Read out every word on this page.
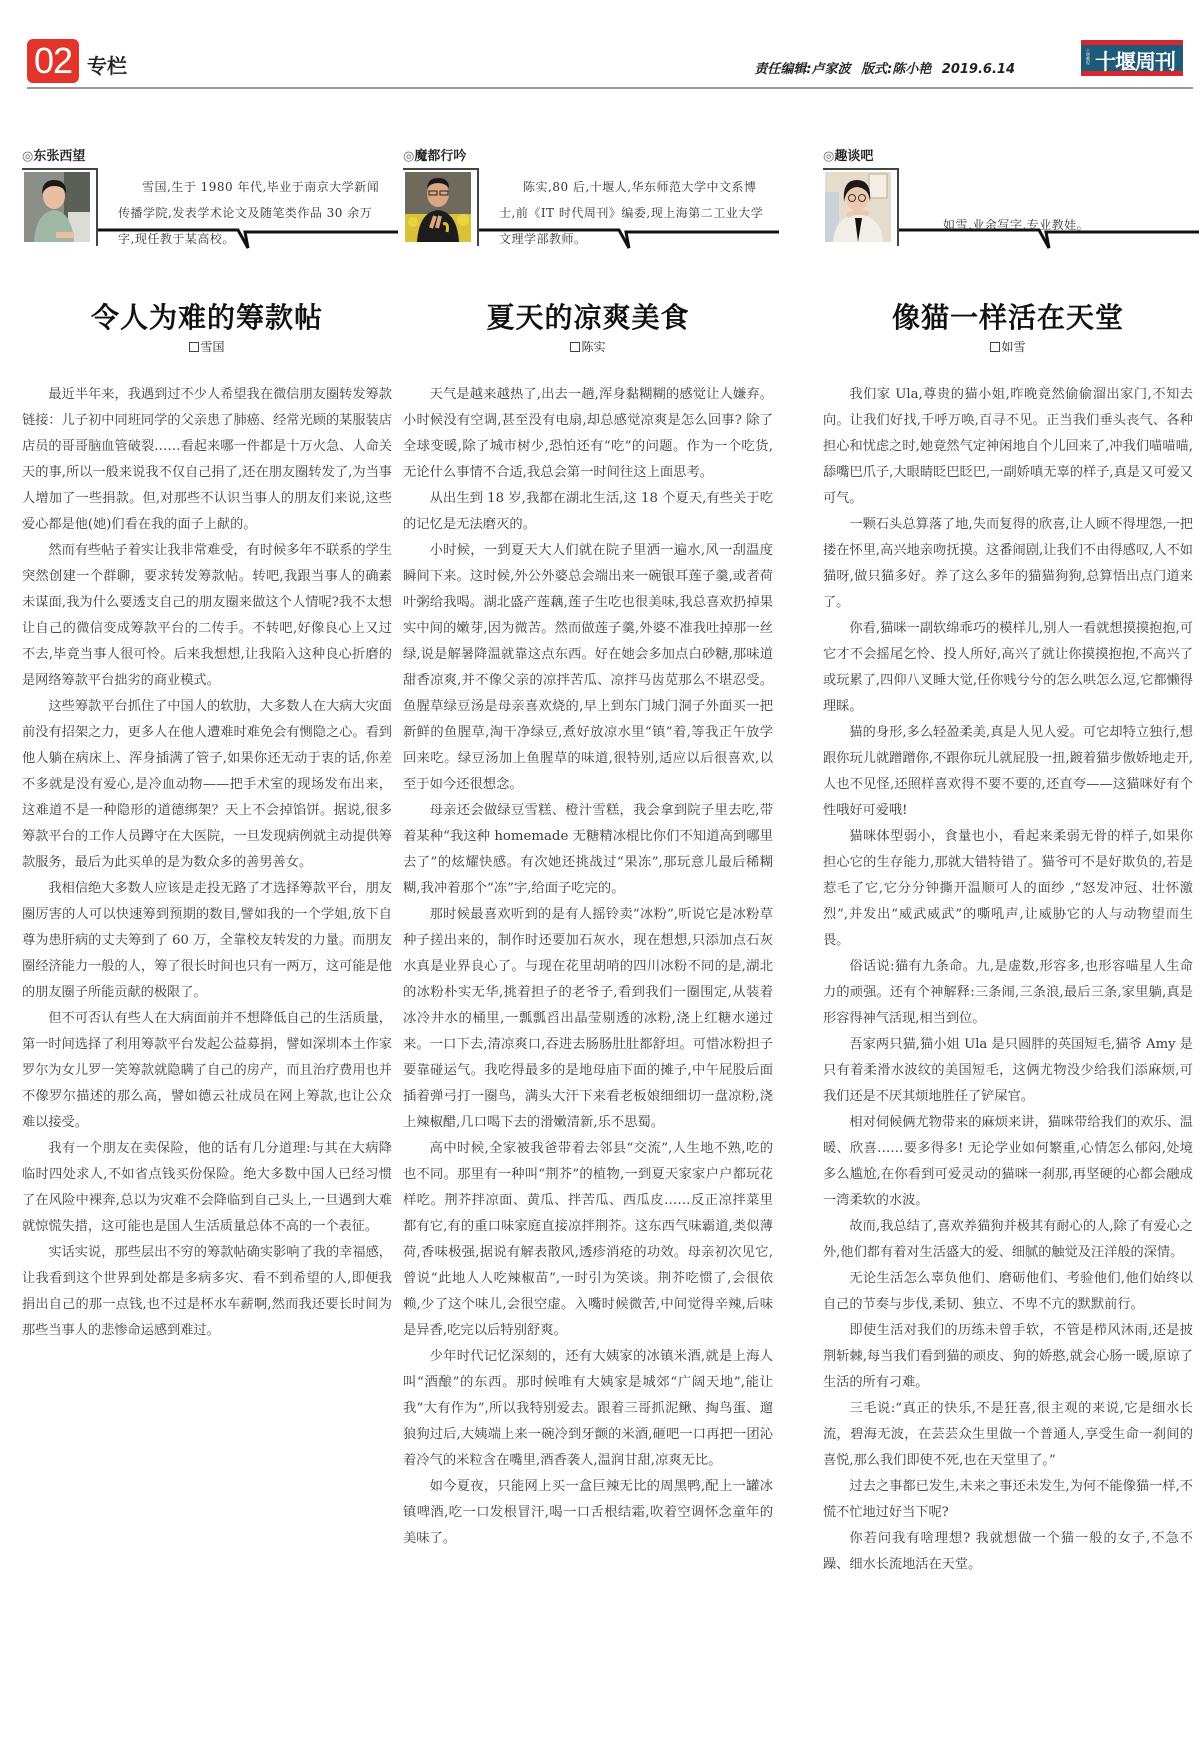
02 专栏	责任编辑:卢家波 版式:陈小艳 2019.6.14
十堰晚报 十堰周刊
◎东张西望
雪国,生于 1980 年代,毕业于南京大学新闻传播学院,发表学术论文及随笔类作品 30 余万字,现任教于某高校。
令人为难的筹款帖
雪国

最近半年来，我遇到过不少人希望我在微信朋友圈转发筹款链接：儿子初中同班同学的父亲患了肺癌、经常光顾的某服装店店员的哥哥脑血管破裂……看起来哪一件都是十万火急、人命关天的事,所以一般来说我不仅自己捐了,还在朋友圈转发了,为当事人增加了一些捐款。但,对那些不认识当事人的朋友们来说,这些爱心都是他(她)们看在我的面子上献的。

然而有些帖子着实让我非常难受，有时候多年不联系的学生突然创建一个群聊，要求转发筹款帖。转吧,我跟当事人的确素未谋面,我为什么要透支自己的朋友圈来做这个人情呢?我不太想让自己的微信变成筹款平台的二传手。不转吧,好像良心上又过不去,毕竟当事人很可怜。后来我想想,让我陷入这种良心折磨的是网络筹款平台拙劣的商业模式。

这些筹款平台抓住了中国人的软肋，大多数人在大病大灾面前没有招架之力，更多人在他人遭难时难免会有恻隐之心。看到他人躺在病床上、浑身插满了管子,如果你还无动于衷的话,你差不多就是没有爱心,是冷血动物——把手术室的现场发布出来，这难道不是一种隐形的道德绑架？天上不会掉馅饼。据说,很多筹款平台的工作人员蹲守在大医院，一旦发现病例就主动提供筹款服务，最后为此买单的是为数众多的善男善女。

我相信绝大多数人应该是走投无路了才选择筹款平台，朋友圈厉害的人可以快速筹到预期的数目,譬如我的一个学姐,放下自尊为患肝病的丈夫筹到了 60 万，全靠校友转发的力量。而朋友圈经济能力一般的人，筹了很长时间也只有一两万，这可能是他的朋友圈子所能贡献的极限了。

但不可否认有些人在大病面前并不想降低自己的生活质量，第一时间选择了利用筹款平台发起公益募捐，譬如深圳本土作家罗尔为女儿罗一笑筹款就隐瞒了自己的房产，而且治疗费用也并不像罗尔描述的那么高，譬如德云社成员在网上筹款,也让公众难以接受。

我有一个朋友在卖保险，他的话有几分道理:与其在大病降临时四处求人,不如省点钱买份保险。绝大多数中国人已经习惯了在风险中裸奔,总以为灾难不会降临到自己头上,一旦遇到大难就惊慌失措，这可能也是国人生活质量总体不高的一个表征。

实话实说，那些层出不穷的筹款帖确实影响了我的幸福感，让我看到这个世界到处都是多病多灾、看不到希望的人,即便我捐出自己的那一点钱,也不过是杯水车薪啊,然而我还要长时间为那些当事人的悲惨命运感到难过。

◎魔都行吟
陈实,80 后,十堰人,华东师范大学中文系博士,前《IT 时代周刊》编委,现上海第二工业大学文理学部教师。
夏天的凉爽美食
陈实

天气是越来越热了,出去一趟,浑身黏糊糊的感觉让人嫌弃。小时候没有空调,甚至没有电扇,却总感觉凉爽是怎么回事? 除了全球变暖,除了城市树少,恐怕还有“吃”的问题。作为一个吃货,无论什么事情不合适,我总会第一时间往这上面思考。

从出生到 18 岁,我都在湖北生活,这 18 个夏天,有些关于吃的记忆是无法磨灭的。

小时候，一到夏天大人们就在院子里洒一遍水,风一刮温度瞬间下来。这时候,外公外婆总会端出来一碗银耳莲子羹,或者荷叶粥给我喝。湖北盛产莲藕,莲子生吃也很美味,我总喜欢扔掉果实中间的嫩芽,因为微苦。然而做莲子羹,外婆不准我吐掉那一丝绿,说是解暑降温就靠这点东西。好在她会多加点白砂糖,那味道甜香凉爽,并不像父亲的凉拌苦瓜、凉拌马齿苋那么不堪忍受。鱼腥草绿豆汤是母亲喜欢烧的,早上到东门城门洞子外面买一把新鲜的鱼腥草,淘干净绿豆,煮好放凉水里“镇”着,等我正午放学回来吃。绿豆汤加上鱼腥草的味道,很特别,适应以后很喜欢,以至于如今还很想念。

母亲还会做绿豆雪糕、橙汁雪糕，我会拿到院子里去吃,带着某种“我这种 homemade 无糖精冰棍比你们不知道高到哪里去了”的炫耀快感。有次她还挑战过“果冻”,那玩意儿最后稀糊糊,我冲着那个“冻”字,给面子吃完的。

那时候最喜欢听到的是有人摇铃卖“冰粉”,听说它是冰粉草种子搓出来的，制作时还要加石灰水，现在想想,只添加点石灰水真是业界良心了。与现在花里胡哨的四川冰粉不同的是,湖北的冰粉朴实无华,挑着担子的老爷子,看到我们一圈围定,从装着冰冷井水的桶里,一瓢瓢舀出晶莹剔透的冰粉,浇上红糖水递过来。一口下去,清凉爽口,吞进去肠肠肚肚都舒坦。可惜冰粉担子要靠碰运气。我吃得最多的是地母庙下面的摊子,中午屁股后面插着弹弓打一圈鸟，满头大汗下来看老板娘细细切一盘凉粉,浇上辣椒醋,几口喝下去的滑嫩清新,乐不思蜀。

高中时候,全家被我爸带着去邻县“交流”,人生地不熟,吃的也不同。那里有一种叫“荆芥”的植物,一到夏天家家户户都玩花样吃。荆芥拌凉面、黄瓜、拌苦瓜、西瓜皮……反正凉拌菜里都有它,有的重口味家庭直接凉拌荆芥。这东西气味霸道,类似薄荷,香味极强,据说有解表散风,透疹消疮的功效。母亲初次见它,曾说“此地人人吃辣椒苗”,一时引为笑谈。荆芥吃惯了,会很依赖,少了这个味儿,会很空虚。入嘴时候微苦,中间觉得辛辣,后味是异香,吃完以后特别舒爽。

少年时代记忆深刻的，还有大姨家的冰镇米酒,就是上海人叫“酒酿”的东西。那时候唯有大姨家是城郊“广阔天地”,能让我“大有作为”,所以我特别爱去。跟着三哥抓泥鳅、掏鸟蛋、遛狼狗过后,大姨端上来一碗冷到牙颤的米酒,砸吧一口再把一团沁着冷气的米粒含在嘴里,酒香袭人,温润甘甜,凉爽无比。

如今夏夜，只能网上买一盒巨辣无比的周黑鸭,配上一罐冰镇啤酒,吃一口发根冒汗,喝一口舌根结霜,吹着空调怀念童年的美味了。

◎趣谈吧
如雪,业余写字,专业教娃。
像猫一样活在天堂
如雪

我们家 Ula,尊贵的猫小姐,昨晚竟然偷偷溜出家门,不知去向。让我们好找,千呼万唤,百寻不见。正当我们垂头丧气、各种担心和忧虑之时,她竟然气定神闲地自个儿回来了,冲我们喵喵喵,舔嘴巴爪子,大眼睛眨巴眨巴,一副娇嗔无辜的样子,真是又可爱又可气。

一颗石头总算落了地,失而复得的欣喜,让人顾不得埋怨,一把搂在怀里,高兴地亲吻抚摸。这番闹剧,让我们不由得感叹,人不如猫呀,做只猫多好。养了这么多年的猫猫狗狗,总算悟出点门道来了。

你看,猫咪一副软绵乖巧的模样儿,别人一看就想摸摸抱抱,可它才不会摇尾乞怜、投人所好,高兴了就让你摸摸抱抱,不高兴了或玩累了,四仰八叉睡大觉,任你贱兮兮的怎么哄怎么逗,它都懒得理睬。

猫的身形,多么轻盈柔美,真是人见人爱。可它却特立独行,想跟你玩儿就蹭蹭你,不跟你玩儿就屁股一扭,踱着猫步傲娇地走开,人也不见怪,还照样喜欢得不要不要的,还直夸——这猫咪好有个性哦好可爱哦!

猫咪体型弱小，食量也小，看起来柔弱无骨的样子,如果你担心它的生存能力,那就大错特错了。猫爷可不是好欺负的,若是惹毛了它,它分分钟撕开温顺可人的面纱 ,“怒发冲冠、壮怀激烈”,并发出“威武威武”的嘶吼声,让威胁它的人与动物望而生畏。

俗话说:猫有九条命。九,是虚数,形容多,也形容喵星人生命力的顽强。还有个神解释:三条闹,三条浪,最后三条,家里躺,真是形容得神气活现,相当到位。

吾家两只猫,猫小姐 Ula 是只圆胖的英国短毛,猫爷 Amy 是只有着柔滑水波纹的美国短毛，这俩尤物没少给我们添麻烦,可我们还是不厌其烦地胜任了铲屎官。

相对伺候俩尤物带来的麻烦来讲，猫咪带给我们的欢乐、温暖、欣喜……要多得多! 无论学业如何繁重,心情怎么郁闷,处境多么尴尬,在你看到可爱灵动的猫咪一刹那,再坚硬的心都会融成一湾柔软的水波。

故而,我总结了,喜欢养猫狗并极其有耐心的人,除了有爱心之外,他们都有着对生活盛大的爱、细腻的触觉及汪洋般的深情。

无论生活怎么辜负他们、磨砺他们、考验他们,他们始终以自己的节奏与步伐,柔韧、独立、不卑不亢的默默前行。

即使生活对我们的历练未曾手软，不管是栉风沐雨,还是披荆斩棘,每当我们看到猫的顽皮、狗的娇憨,就会心肠一暖,原谅了生活的所有刁难。

三毛说:“真正的快乐,不是狂喜,很主观的来说,它是细水长流，碧海无波，在芸芸众生里做一个普通人,享受生命一刹间的喜悦,那么我们即使不死,也在天堂里了。”

过去之事都已发生,未来之事还未发生,为何不能像猫一样,不慌不忙地过好当下呢?

你若问我有啥理想? 我就想做一个猫一般的女子,不急不躁、细水长流地活在天堂。
